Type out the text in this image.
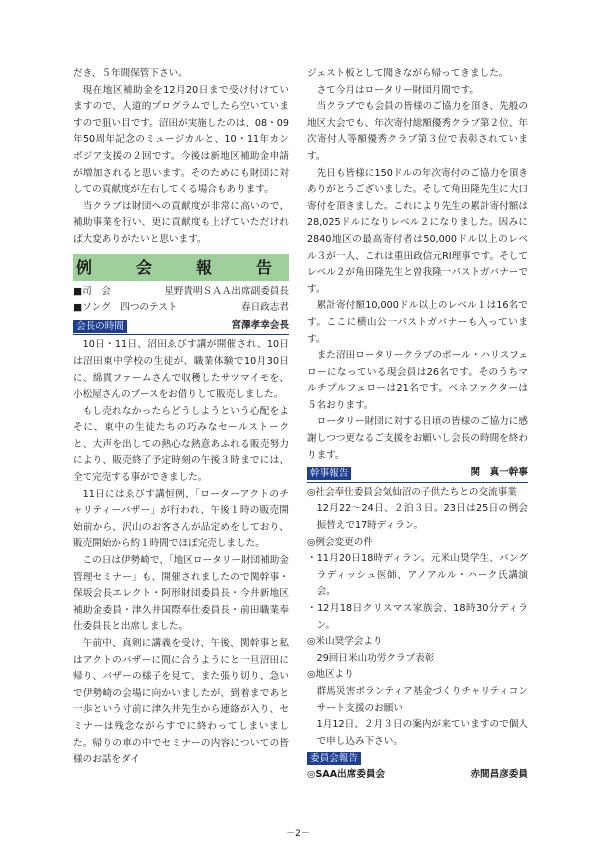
だき、５年間保管下さい。

現在地区補助金を12月20日まで受け付けていますので、人道的プログラムでしたら空いていますので狙い目です。沼田が実施したのは、08・09年50周年記念のミュージカルと、10・11年カンボジア支援の２回です。今後は新地区補助金申請が増加されると思います。そのためにも財団に対しての貢献度が左右してくる場合もあります。

当クラブは財団への貢献度が非常に高いので、補助事業を行い、更に貢献度も上げていただければ大変ありがたいと思います。

例　会　報　告
■司　会	星野貴明ＳＡＡ出席副委員長
■ソング　四つのテスト	春日政志君
会長の時間	宮澤孝幸会長

10日・11日、沼田ゑびす講が開催され、10日は沼田東中学校の生徒が、職業体験で10月30日に、綿貫ファームさんで収穫したサツマイモを、小松屋さんのブースをお借りして販売しました。

もし売れなかったらどうしようという心配をよそに、東中の生徒たちの巧みなセールストークと、大声を出しての熱心な熱意あふれる販売努力により、販売終了予定時刻の午後３時までには、全て完売する事ができました。

11日にはゑびす講恒例、「ローターアクトのチャリティーバザー」が行われ、午後１時の販売開始前から、沢山のお客さんが品定めをしており、販売開始から約１時間でほぼ完売しました。

この日は伊勢崎で、「地区ロータリー財団補助金管理セミナー」も、開催されましたので関幹事・保坂会長エレクト・阿形財団委員長・今井新地区補助金委員・津久井国際奉仕委員長・前田職業奉仕委員長と出席しました。

午前中、真剣に講義を受け、午後、関幹事と私はアクトのバザーに間に合うようにと一旦沼田に帰り、バザーの様子を見て、また張り切り、急いで伊勢崎の会場に向かいましたが、到着まであと一歩という寸前に津久井先生から連絡が入り、セミナーは残念ながらすでに終わってしまいました。帰りの車の中でセミナーの内容についての皆様のお話をダイ

ジェスト板として聞きながら帰ってきました。

さて今月はロータリー財団月間です。

当クラブでも会員の皆様のご協力を頂き、先般の地区大会でも、年次寄付総額優秀クラブ第２位、年次寄付人等額優秀クラブ第３位で表彰されています。

先日も皆様に150ドルの年次寄付のご協力を頂きありがとうございました。そして角田隆先生に大口寄付を頂きました。これにより先生の累計寄付額は28,025ドルになりレベル２になりました。因みに2840地区の最高寄付者は50,000ドル以上のレベル３が一人、これは重田政信元RI理事です。そしてレベル２が角田隆先生と曽我隆一パストガバナーです。

累計寄付額10,000ドル以上のレベル１は16名です。ここに横山公一パストガバナーも入っています。

また沼田ロータリークラブのポール・ハリスフェローになっている現会員は26名です。そのうちマルチプルフェローは21名です。ベネファクターは５名おります。

ロータリー財団に対する日頃の皆様のご協力に感謝しつつ更なるご支援をお願いし会長の時間を終わります。

幹事報告	関　真一幹事

◎社会奉仕委員会気仙沼の子供たちとの交流事業

12月22～24日、２泊３日。23日は25日の例会振替えで17時ディラン。

◎例会変更の件

・11月20日18時ディラン。元米山奨学生、バングラディッシュ医師、アノアルル・ハーク氏講演会。

・12月18日クリスマス家族会、18時30分ディラン。

◎米山奨学会より

29回日米山功労クラブ表彰

◎地区より

群馬災害ボランティア基金づくりチャリティコンサート支援のお願い

1月12日、２月３日の案内が来ていますので個人で申し込み下さい。

委員会報告
◎SAA出席委員会	赤間昌彦委員
－2－
